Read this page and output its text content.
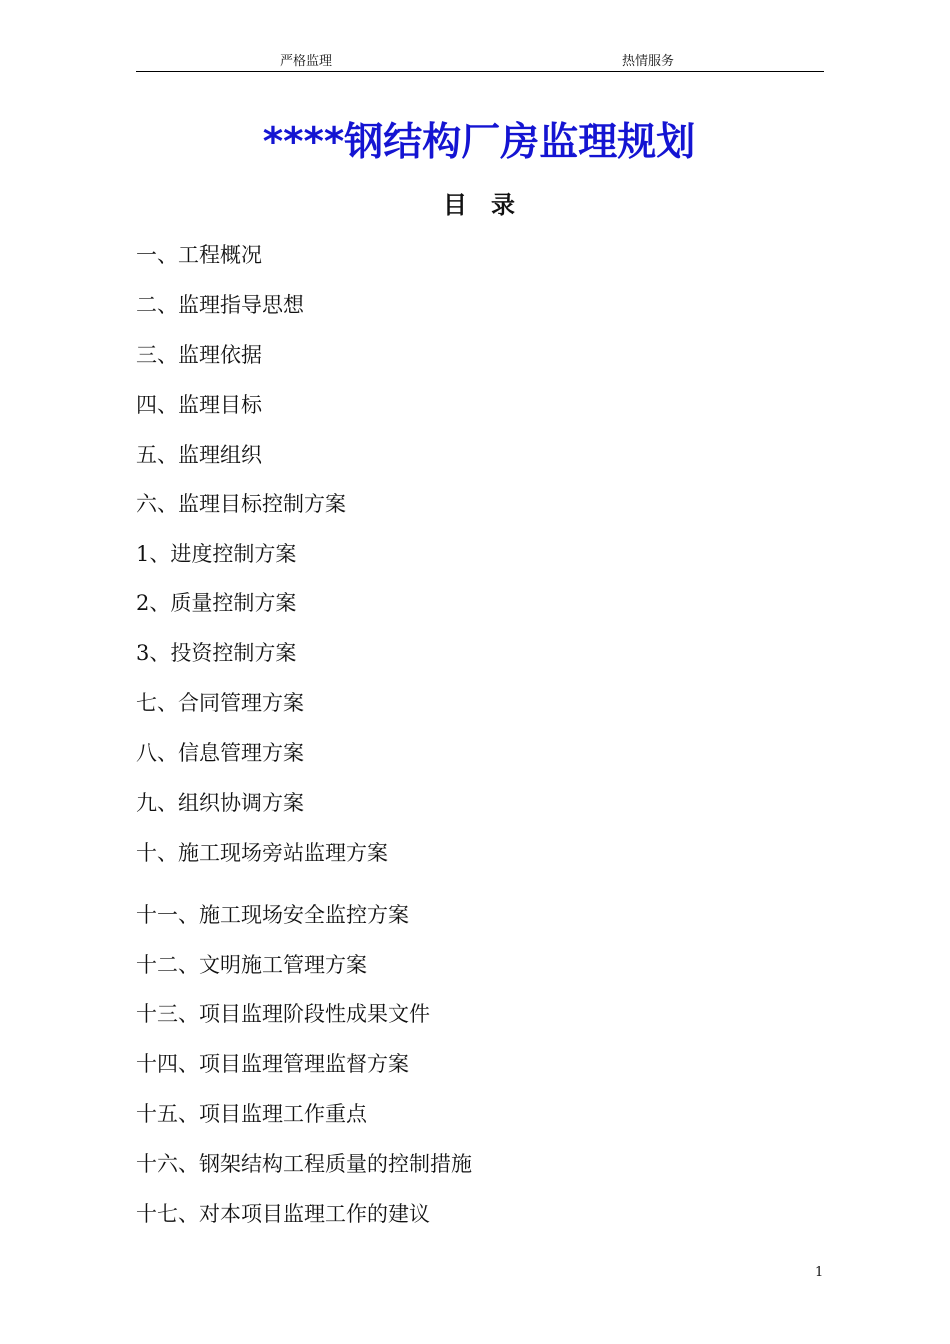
严格监理	热情服务
****钢结构厂房监理规划
目录
一、工程概况
二、监理指导思想
三、监理依据
四、监理目标
五、监理组织
六、监理目标控制方案
1、进度控制方案
2、质量控制方案
3、投资控制方案
七、合同管理方案
八、信息管理方案
九、组织协调方案
十、施工现场旁站监理方案
十一、施工现场安全监控方案
十二、文明施工管理方案
十三、项目监理阶段性成果文件
十四、项目监理管理监督方案
十五、项目监理工作重点
十六、钢架结构工程质量的控制措施
十七、对本项目监理工作的建议
1
